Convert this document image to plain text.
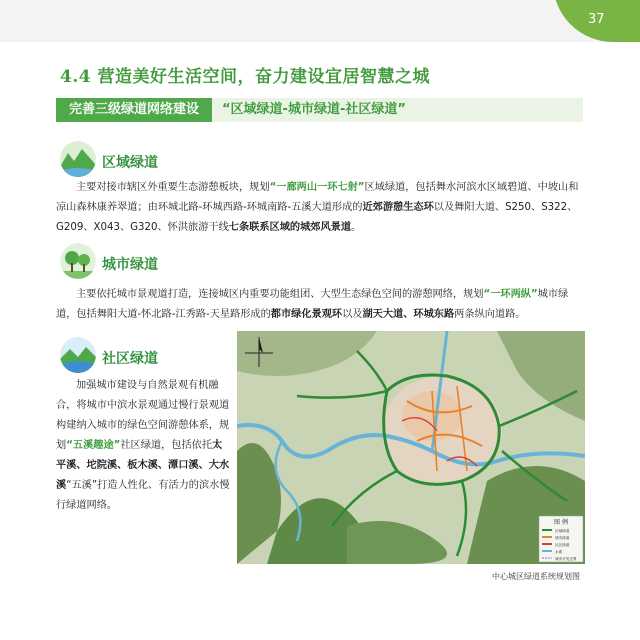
37
4.4 营造美好生活空间，奋力建设宜居智慧之城
完善三级绿道网络建设	“区域绿道-城市绿道-社区绿道”
区域绿道

主要对接市辖区外重要生态游憩板块，规划“一廊两山一环七射”区域绿道，包括舞水河滨水区域碧道、中坡山和凉山森林康养翠道；由环城北路-环城西路-环城南路-五溪大道形成的近郊游憩生态环以及舞阳大道、S250、S322、G209、X043、G320、怀洪旅游干线七条联系区域的城郊风景道。

城市绿道

主要依托城市景观道打造，连接城区内重要功能组团、大型生态绿色空间的游憩网络，规划“一环两纵”城市绿道，包括舞阳大道-怀北路-江秀路-天星路形成的都市绿化景观环以及湖天大道、环城东路两条纵向道路。

社区绿道

加强城市建设与自然景观有机融合，将城市中滨水景观通过慢行景观道构建纳入城市的绿色空间游憩体系，规划“五溪趣途”社区绿道，包括依托太平溪、坨院溪、板木溪、潭口溪、大水溪“五溪”打造人性化、有活力的滨水慢行绿道网络。

图 例
区域绿道
城市绿道
社区绿道
水系
城市开发边界
中心城区绿道系统规划图
